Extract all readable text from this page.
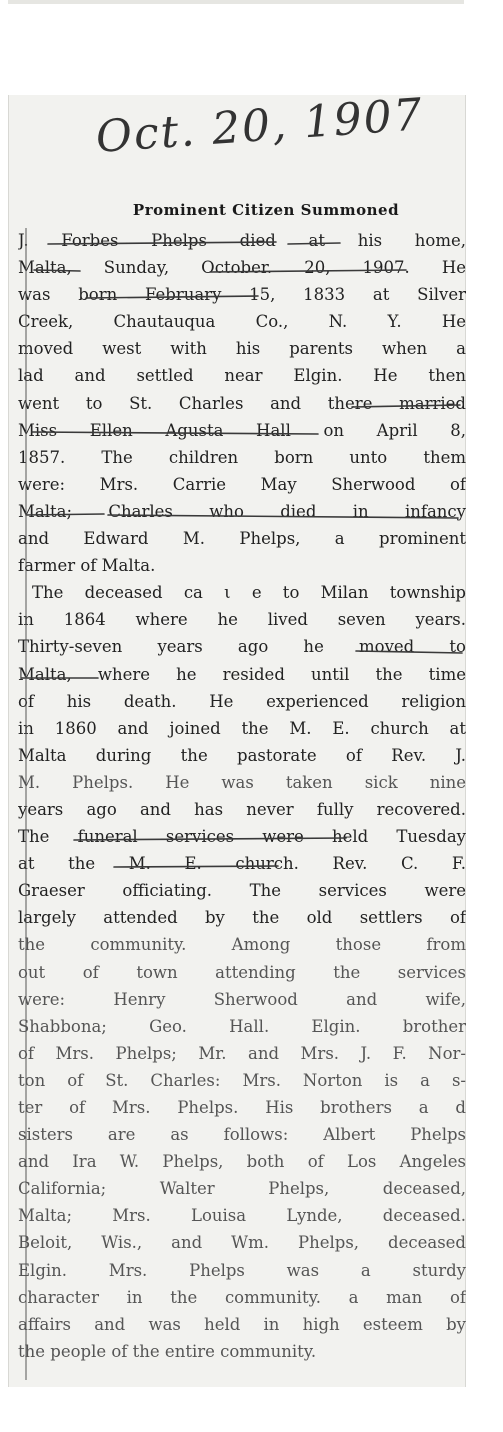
Oct. 20, 1907
Prominent Citizen Summoned
J. Forbes Phelps died at his home,
Malta, Sunday, October. 20, 1907. He
was born February 15, 1833 at Silver
Creek, Chautauqua Co., N. Y. He
moved west with his parents when a
lad and settled near Elgin. He then
went to St. Charles and there married
Miss Ellen Agusta Hall on April 8,
1857. The children born unto them
were: Mrs. Carrie May Sherwood of
Malta; Charles who died in infancy
and Edward M. Phelps, a prominent
farmer of Malta.
The deceased ca ι e to Milan township
in 1864 where he lived seven years.
Thirty-seven years ago he moved to
Malta, where he resided until the time
of his death. He experienced religion
in 1860 and joined the M. E. church at
Malta during the pastorate of Rev. J.
M. Phelps. He was taken sick nine
years ago and has never fully recovered.
The funeral services were held Tuesday
at the M. E. church. Rev. C. F.
Graeser officiating. The services were
largely attended by the old settlers of
the community. Among those from
out of town attending the services
were: Henry Sherwood and wife,
Shabbona; Geo. Hall. Elgin. brother
of Mrs. Phelps; Mr. and Mrs. J. F. Nor-
ton of St. Charles: Mrs. Norton is a s-
ter of Mrs. Phelps. His brothers a d
sisters are as follows: Albert Phelps
and Ira W. Phelps, both of Los Angeles
California; Walter Phelps, deceased,
Malta; Mrs. Louisa Lynde, deceased.
Beloit, Wis., and Wm. Phelps, deceased
Elgin. Mrs. Phelps was a sturdy
character in the community. a man of
affairs and was held in high esteem by
the people of the entire community.
